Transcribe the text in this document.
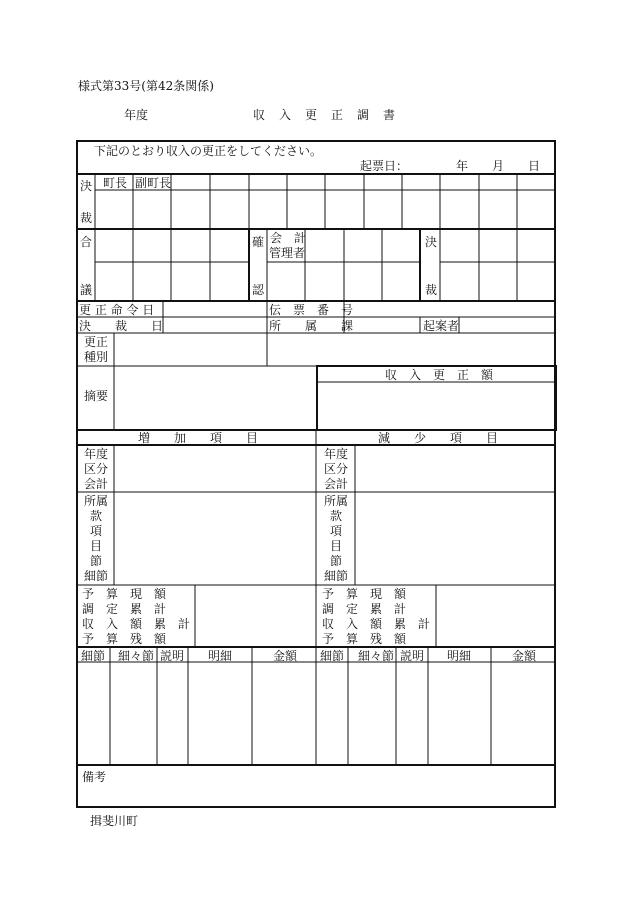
様式第33号(第42条関係)
年度	収　入　更　正　調　書
下記のとおり収入の更正をしてください。
起票日：	年 月 日
決
裁
町長 副町長
合
議
確
認
会　計
管理者
決
裁
更 正 命 令 日	伝　票　番　号
決　　裁　　日	所　　属　　課	起案者
更正
種別
摘要
収　入　更　正　額
増　　加　　項　　目	減　　少　　項　　目
年度
区分
会計
所属
款
項
目
節
細節
予　算　現　額
調　定　累　計
収　入　額　累　計
予　算　残　額
年度
区分
会計
所属
款
項
目
節
細節
予　算　現　額
調　定　累　計
収　入　額　累　計
予　算　残　額
細節 細々節 説明 明細	金額 細節 細々節 説明 明細	金額
備考
揖斐川町
